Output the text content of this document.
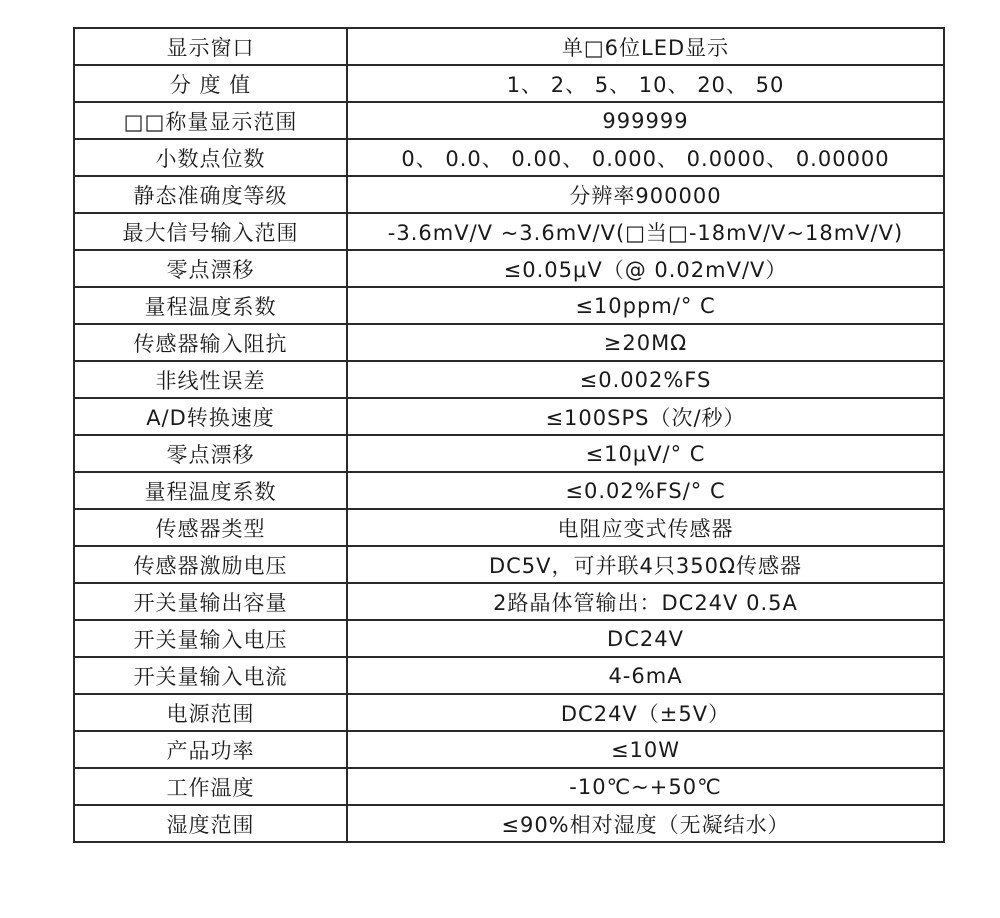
显示窗口	单□6位LED显示
分 度 值	1、 2、 5、 10、 20、 50
□□称量显示范围	999999
小数点位数	0、 0.0、 0.00、 0.000、 0.0000、 0.00000
静态准确度等级	分辨率900000
最大信号输入范围	-3.6mV/V ~3.6mV/V(□当□-18mV/V~18mV/V)
零点漂移	≤0.05μV（@ 0.02mV/V）
量程温度系数	≤10ppm/° C
传感器输入阻抗	≥20MΩ
非线性误差	≤0.002%FS
A/D转换速度	≤100SPS（次/秒）
零点漂移	≤10μV/° C
量程温度系数	≤0.02%FS/° C
传感器类型	电阻应变式传感器
传感器激励电压	DC5V，可并联4只350Ω传感器
开关量输出容量	2路晶体管输出：DC24V 0.5A
开关量输入电压	DC24V
开关量输入电流	4-6mA
电源范围	DC24V（±5V）
产品功率	≤10W
工作温度	-10℃~+50℃
湿度范围	≤90%相对湿度（无凝结水）
